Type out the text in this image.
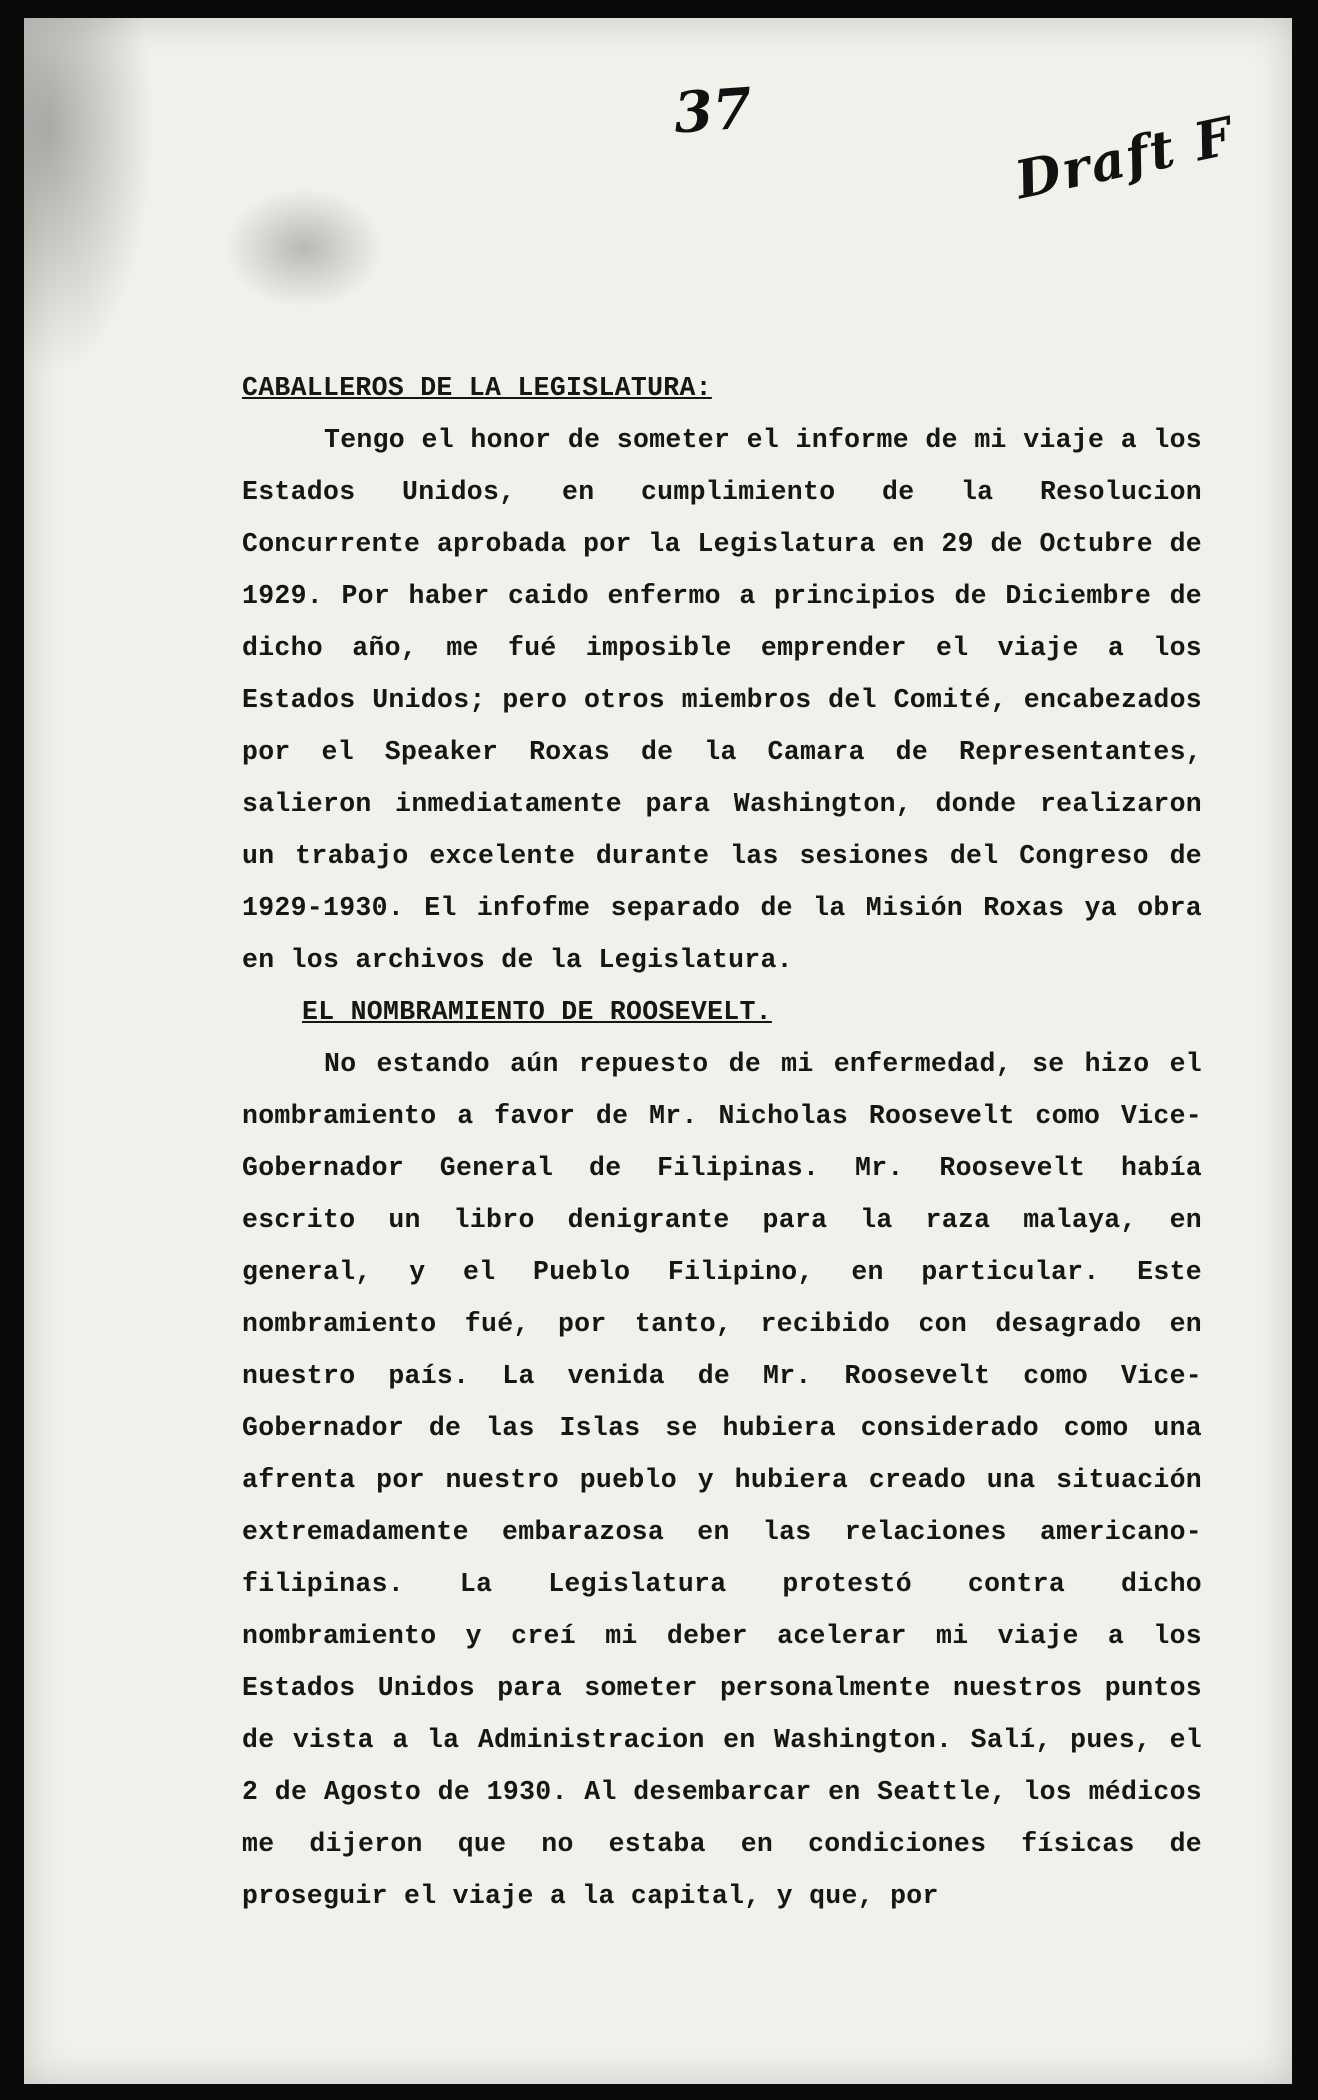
37	Draft F

CABALLEROS DE LA LEGISLATURA:

Tengo el honor de someter el informe de mi viaje a los Estados Unidos, en cumplimiento de la Resolucion Concurrente aprobada por la Legislatura en 29 de Octubre de 1929. Por haber caido enfermo a principios de Diciembre de dicho año, me fué imposible emprender el viaje a los Estados Unidos; pero otros miembros del Comité, encabezados por el Speaker Roxas de la Camara de Representantes, salieron inmediatamente para Washington, donde realizaron un trabajo excelente durante las sesiones del Congreso de 1929-1930. El infofme separado de la Misión Roxas ya obra en los archivos de la Legislatura.

EL NOMBRAMIENTO DE ROOSEVELT.

No estando aún repuesto de mi enfermedad, se hizo el nombramiento a favor de Mr. Nicholas Roosevelt como Vice-Gobernador General de Filipinas. Mr. Roosevelt había escrito un libro denigrante para la raza malaya, en general, y el Pueblo Filipino, en particular. Este nombramiento fué, por tanto, recibido con desagrado en nuestro país. La venida de Mr. Roosevelt como Vice-Gobernador de las Islas se hubiera considerado como una afrenta por nuestro pueblo y hubiera creado una situación extremadamente embarazosa en las relaciones americano-filipinas. La Legislatura protestó contra dicho nombramiento y creí mi deber acelerar mi viaje a los Estados Unidos para someter personalmente nuestros puntos de vista a la Administracion en Washington. Salí, pues, el 2 de Agosto de 1930. Al desembarcar en Seattle, los médicos me dijeron que no estaba en condiciones físicas de proseguir el viaje a la capital, y que, por
